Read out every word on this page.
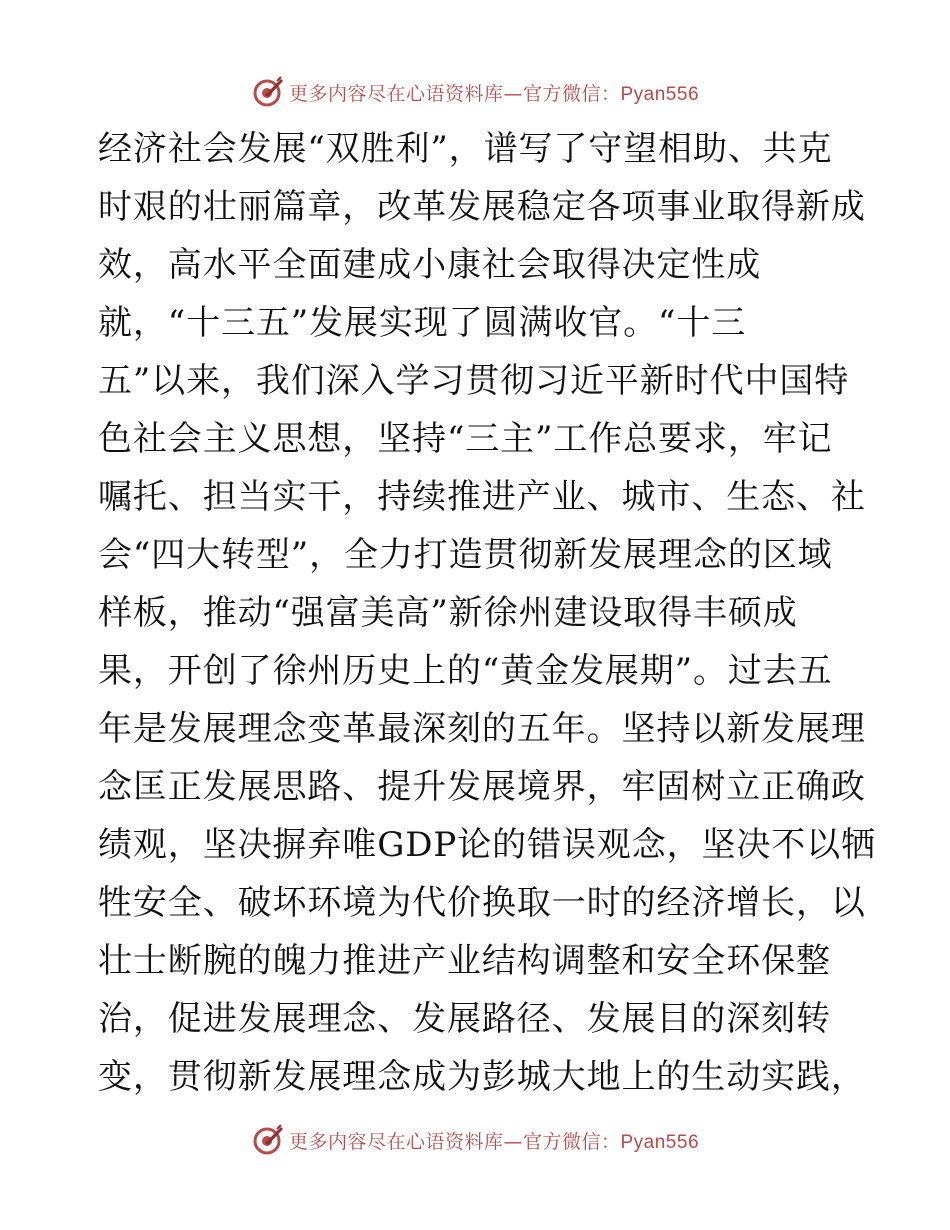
更多内容尽在心语资料库—官方微信：Pyan556
经济社会发展“双胜利”，谱写了守望相助、共克
时艰的壮丽篇章，改革发展稳定各项事业取得新成
效，高水平全面建成小康社会取得决定性成
就，“十三五”发展实现了圆满收官。“十三
五”以来，我们深入学习贯彻习近平新时代中国特
色社会主义思想，坚持“三主”工作总要求，牢记
嘱托、担当实干，持续推进产业、城市、生态、社
会“四大转型”，全力打造贯彻新发展理念的区域
样板，推动“强富美高”新徐州建设取得丰硕成
果，开创了徐州历史上的“黄金发展期”。过去五
年是发展理念变革最深刻的五年。坚持以新发展理
念匡正发展思路、提升发展境界，牢固树立正确政
绩观，坚决摒弃唯GDP论的错误观念，坚决不以牺
牲安全、破坏环境为代价换取一时的经济增长，以
壮士断腕的魄力推进产业结构调整和安全环保整
治，促进发展理念、发展路径、发展目的深刻转
变，贯彻新发展理念成为彭城大地上的生动实践，
更多内容尽在心语资料库—官方微信：Pyan556
